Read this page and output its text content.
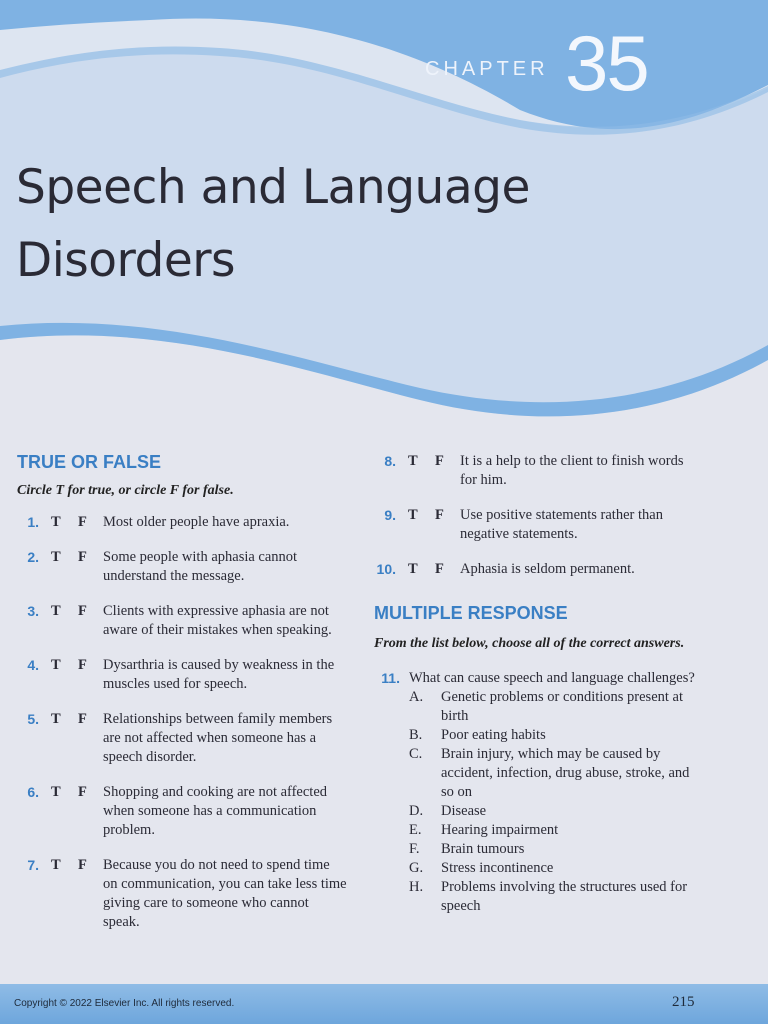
CHAPTER 35
Speech and Language Disorders
TRUE OR FALSE

Circle T for true, or circle F for false.

1. T F Most older people have apraxia.
2. T F Some people with aphasia cannot understand the message.
3. T F Clients with expressive aphasia are not aware of their mistakes when speaking.
4. T F Dysarthria is caused by weakness in the muscles used for speech.
5. T F Relationships between family members are not affected when someone has a speech disorder.
6. T F Shopping and cooking are not affected when someone has a communication problem.
7. T F Because you do not need to spend time on communication, you can take less time giving care to someone who cannot speak.
8. T F It is a help to the client to finish words for him.
9. T F Use positive statements rather than negative statements.
10. T F Aphasia is seldom permanent.
MULTIPLE RESPONSE

From the list below, choose all of the correct answers.

11. What can cause speech and language challenges?
A. Genetic problems or conditions present at birth
B. Poor eating habits
C. Brain injury, which may be caused by accident, infection, drug abuse, stroke, and so on
D. Disease
E. Hearing impairment
F. Brain tumours
G. Stress incontinence
H. Problems involving the structures used for speech
Copyright © 2022 Elsevier Inc. All rights reserved.	215
